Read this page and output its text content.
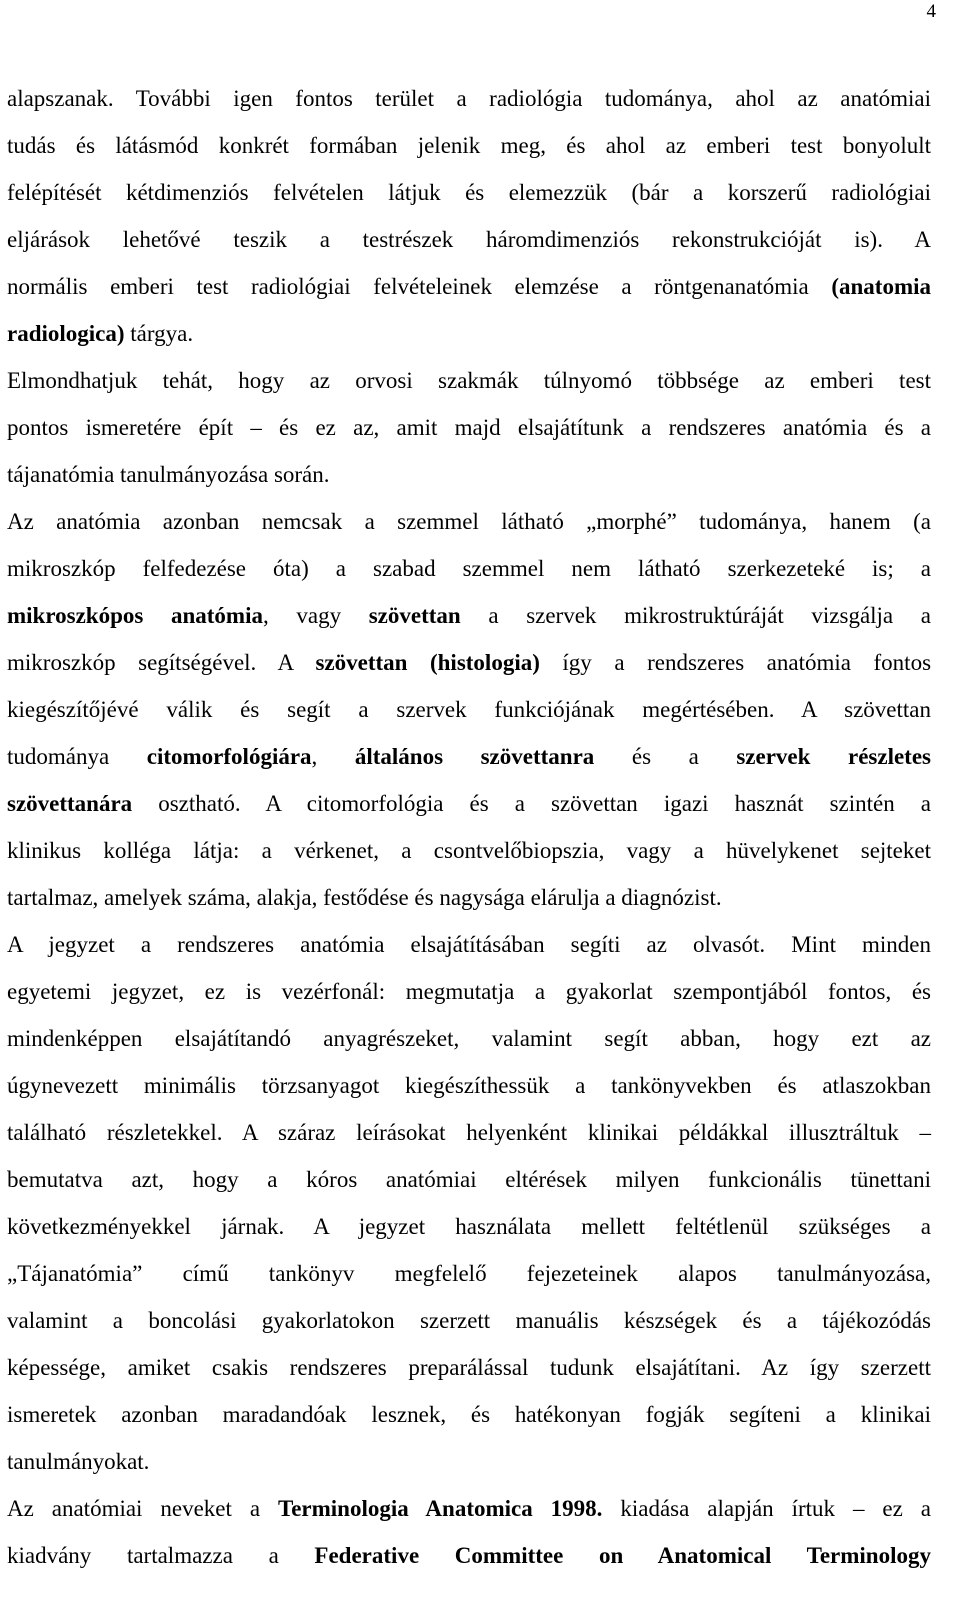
4
alapszanak. További igen fontos terület a radiológia tudománya, ahol az anatómiai
tudás és látásmód konkrét formában jelenik meg, és ahol az emberi test bonyolult
felépítését kétdimenziós felvételen látjuk és elemezzük (bár a korszerű radiológiai
eljárások lehetővé teszik a testrészek háromdimenziós rekonstrukcióját is). A
normális emberi test radiológiai felvételeinek elemzése a röntgenanatómia (anatomia
radiologica) tárgya.
Elmondhatjuk tehát, hogy az orvosi szakmák túlnyomó többsége az emberi test
pontos ismeretére épít – és ez az, amit majd elsajátítunk a rendszeres anatómia és a
tájanatómia tanulmányozása során.
Az anatómia azonban nemcsak a szemmel látható „morphé” tudománya, hanem (a
mikroszkóp felfedezése óta) a szabad szemmel nem látható szerkezeteké is; a
mikroszkópos anatómia, vagy szövettan a szervek mikrostruktúráját vizsgálja a
mikroszkóp segítségével. A szövettan (histologia) így a rendszeres anatómia fontos
kiegészítőjévé válik és segít a szervek funkciójának megértésében. A szövettan
tudománya citomorfológiára, általános szövettanra és a szervek részletes
szövettanára osztható. A citomorfológia és a szövettan igazi hasznát szintén a
klinikus kolléga látja: a vérkenet, a csontvelőbiopszia, vagy a hüvelykenet sejteket
tartalmaz, amelyek száma, alakja, festődése és nagysága elárulja a diagnózist.
A jegyzet a rendszeres anatómia elsajátításában segíti az olvasót. Mint minden
egyetemi jegyzet, ez is vezérfonál: megmutatja a gyakorlat szempontjából fontos, és
mindenképpen elsajátítandó anyagrészeket, valamint segít abban, hogy ezt az
úgynevezett minimális törzsanyagot kiegészíthessük a tankönyvekben és atlaszokban
található részletekkel. A száraz leírásokat helyenként klinikai példákkal illusztráltuk –
bemutatva azt, hogy a kóros anatómiai eltérések milyen funkcionális tünettani
következményekkel járnak. A jegyzet használata mellett feltétlenül szükséges a
„Tájanatómia” című tankönyv megfelelő fejezeteinek alapos tanulmányozása,
valamint a boncolási gyakorlatokon szerzett manuális készségek és a tájékozódás
képessége, amiket csakis rendszeres preparálással tudunk elsajátítani. Az így szerzett
ismeretek azonban maradandóak lesznek, és hatékonyan fogják segíteni a klinikai
tanulmányokat.
Az anatómiai neveket a Terminologia Anatomica 1998. kiadása alapján írtuk – ez a
kiadvány tartalmazza a Federative Committee on Anatomical Terminology
